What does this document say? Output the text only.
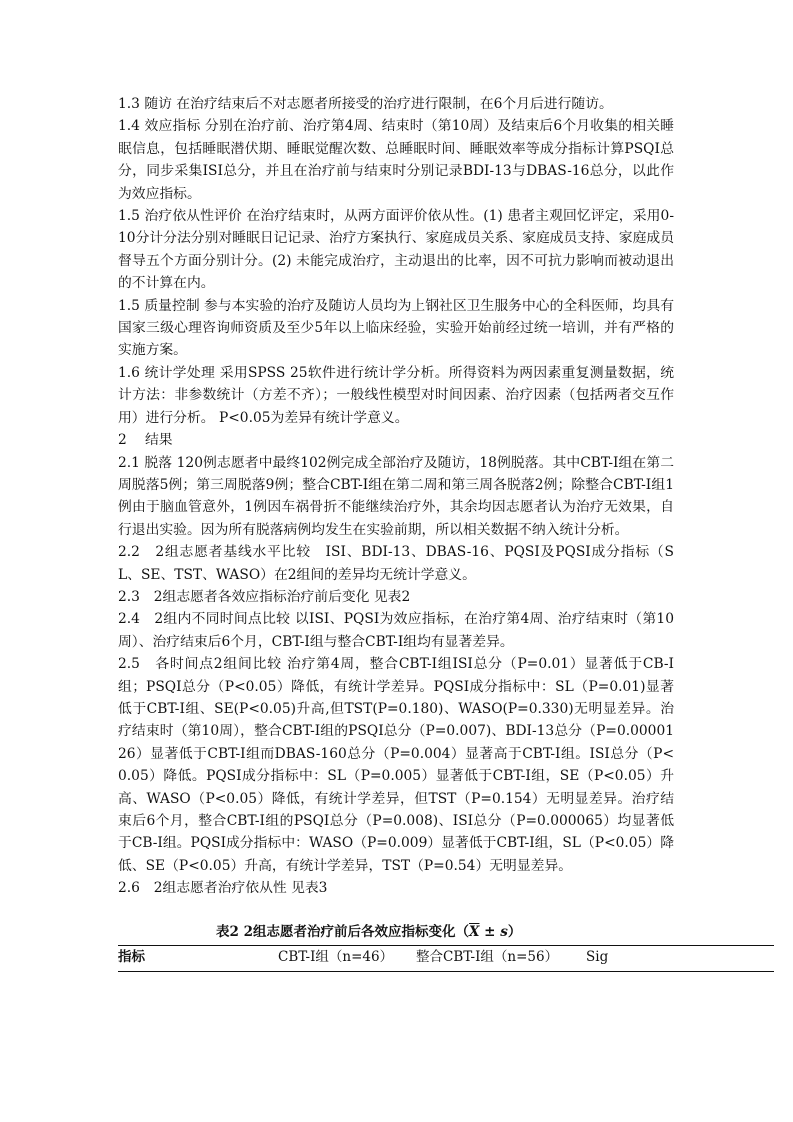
1.3 随访 在治疗结束后不对志愿者所接受的治疗进行限制，在6个月后进行随访。

1.4 效应指标 分别在治疗前、治疗第4周、结束时（第10周）及结束后6个月收集的相关睡眠信息，包括睡眠潜伏期、睡眠觉醒次数、总睡眠时间、睡眠效率等成分指标计算PSQI总分，同步采集ISI总分，并且在治疗前与结束时分别记录BDI-13与DBAS-16总分，以此作为效应指标。

1.5 治疗依从性评价 在治疗结束时，从两方面评价依从性。(1) 患者主观回忆评定，采用0-10分计分法分别对睡眠日记记录、治疗方案执行、家庭成员关系、家庭成员支持、家庭成员督导五个方面分别计分。(2) 未能完成治疗，主动退出的比率，因不可抗力影响而被动退出的不计算在内。

1.5 质量控制 参与本实验的治疗及随访人员均为上钢社区卫生服务中心的全科医师，均具有国家三级心理咨询师资质及至少5年以上临床经验，实验开始前经过统一培训，并有严格的实施方案。

1.6 统计学处理 采用SPSS 25软件进行统计学分析。所得资料为两因素重复测量数据，统计方法：非参数统计（方差不齐）；一般线性模型对时间因素、治疗因素（包括两者交互作用）进行分析。 P<0.05为差异有统计学意义。

2　 结果

2.1 脱落 120例志愿者中最终102例完成全部治疗及随访，18例脱落。其中CBT-I组在第二周脱落5例；第三周脱落9例；整合CBT-I组在第二周和第三周各脱落2例；除整合CBT-I组1例由于脑血管意外，1例因车祸骨折不能继续治疗外，其余均因志愿者认为治疗无效果，自行退出实验。因为所有脱落病例均发生在实验前期，所以相关数据不纳入统计分析。

2.2　2组志愿者基线水平比较　ISI、BDI-13、DBAS-16、PQSI及PQSI成分指标（SL、SE、TST、WASO）在2组间的差异均无统计学意义。

2.3　2组志愿者各效应指标治疗前后变化 见表2

2.4　2组内不同时间点比较 以ISI、PQSI为效应指标，在治疗第4周、治疗结束时（第10周）、治疗结束后6个月，CBT-I组与整合CBT-I组均有显著差异。

2.5　各时间点2组间比较 治疗第4周，整合CBT-I组ISI总分（P=0.01）显著低于CB-I组；PSQI总分（P<0.05）降低，有统计学差异。PQSI成分指标中：SL（P=0.01)显著低于CBT-I组、SE(P<0.05)升高,但TST(P=0.180)、WASO(P=0.330)无明显差异。治疗结束时（第10周），整合CBT-I组的PSQI总分（P=0.007)、BDI-13总分（P=0.0000126）显著低于CBT-I组而DBAS-160总分（P=0.004）显著高于CBT-I组。ISI总分（P<0.05）降低。PQSI成分指标中：SL（P=0.005）显著低于CBT-I组，SE（P<0.05）升高、WASO（P<0.05）降低，有统计学差异，但TST（P=0.154）无明显差异。治疗结束后6个月，整合CBT-I组的PSQI总分（P=0.008)、ISI总分（P=0.000065）均显著低于CB-I组。PQSI成分指标中：WASO（P=0.009）显著低于CBT-I组，SL（P<0.05）降低、SE（P<0.05）升高，有统计学差异，TST（P=0.54）无明显差异。

2.6　2组志愿者治疗依从性 见表3

表2 2组志愿者治疗前后各效应指标变化$(\overline{X} \pm s)$
指标	CBT-I组（n=46）	整合CBT-I组（n=56）	Sig
